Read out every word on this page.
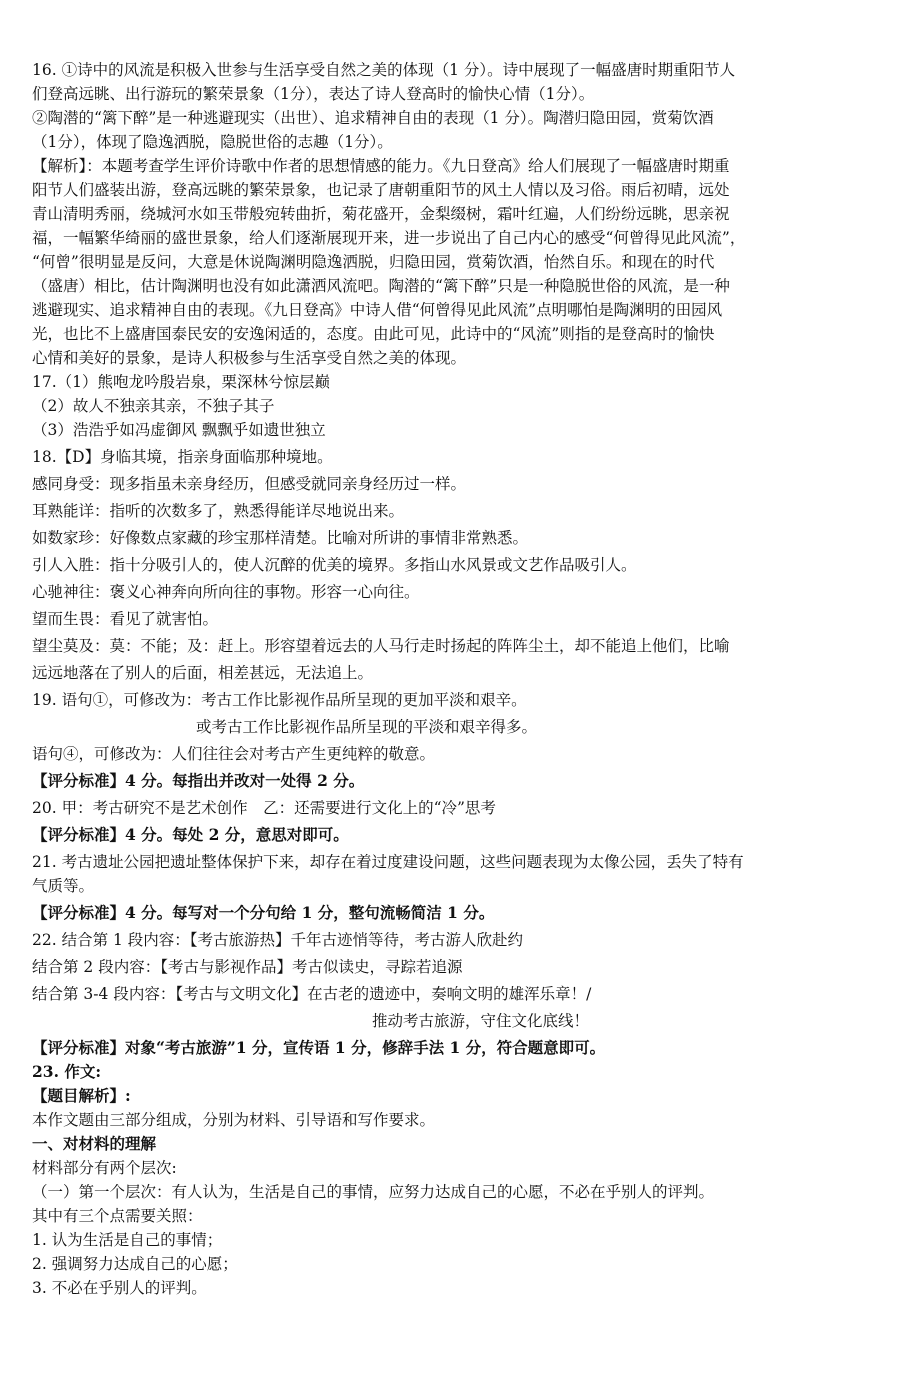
16. ①诗中的风流是积极入世参与生活享受自然之美的体现（1 分）。诗中展现了一幅盛唐时期重阳节人
们登高远眺、出行游玩的繁荣景象（1分），表达了诗人登高时的愉快心情（1分）。
②陶潜的“篱下醉”是一种逃避现实（出世）、追求精神自由的表现（1 分）。陶潜归隐田园，赏菊饮酒
（1分），体现了隐逸洒脱，隐脱世俗的志趣（1分）。
【解析】：本题考查学生评价诗歌中作者的思想情感的能力。《九日登高》给人们展现了一幅盛唐时期重
阳节人们盛装出游，登高远眺的繁荣景象，也记录了唐朝重阳节的风土人情以及习俗。雨后初晴，远处
青山清明秀丽，绕城河水如玉带般宛转曲折，菊花盛开，金梨缀树，霜叶红遍，人们纷纷远眺，思亲祝
福，一幅繁华绮丽的盛世景象，给人们逐渐展现开来，进一步说出了自己内心的感受“何曾得见此风流”，
“何曾”很明显是反问，大意是休说陶渊明隐逸洒脱，归隐田园，赏菊饮酒，怡然自乐。和现在的时代
（盛唐）相比，估计陶渊明也没有如此潇洒风流吧。陶潜的“篱下醉”只是一种隐脱世俗的风流，是一种
逃避现实、追求精神自由的表现。《九日登高》中诗人借“何曾得见此风流”点明哪怕是陶渊明的田园风
光，也比不上盛唐国泰民安的安逸闲适的，态度。由此可见，此诗中的“风流”则指的是登高时的愉快
心情和美好的景象，是诗人积极参与生活享受自然之美的体现。
17.（1）熊咆龙吟殷岩泉，栗深林兮惊层巅
（2）故人不独亲其亲，不独子其子
（3）浩浩乎如冯虚御风 飘飘乎如遗世独立
18.【D】身临其境，指亲身面临那种境地。
感同身受：现多指虽未亲身经历，但感受就同亲身经历过一样。
耳熟能详：指听的次数多了，熟悉得能详尽地说出来。
如数家珍：好像数点家藏的珍宝那样清楚。比喻对所讲的事情非常熟悉。
引人入胜：指十分吸引人的，使人沉醉的优美的境界。多指山水风景或文艺作品吸引人。
心驰神往：褒义心神奔向所向往的事物。形容一心向往。
望而生畏：看见了就害怕。
望尘莫及：莫：不能；及：赶上。形容望着远去的人马行走时扬起的阵阵尘土，却不能追上他们，比喻
远远地落在了别人的后面，相差甚远，无法追上。
19. 语句①，可修改为：考古工作比影视作品所呈现的更加平淡和艰辛。
或考古工作比影视作品所呈现的平淡和艰辛得多。
语句④，可修改为：人们往往会对考古产生更纯粹的敬意。
【评分标准】4 分。每指出并改对一处得 2 分。
20. 甲：考古研究不是艺术创作　乙：还需要进行文化上的“冷”思考
【评分标准】4 分。每处 2 分，意思对即可。
21. 考古遗址公园把遗址整体保护下来，却存在着过度建设问题，这些问题表现为太像公园，丢失了特有
气质等。
【评分标准】4 分。每写对一个分句给 1 分，整句流畅简洁 1 分。
22. 结合第 1 段内容：【考古旅游热】千年古迹悄等待，考古游人欣赴约
结合第 2 段内容：【考古与影视作品】考古似读史，寻踪若追源
结合第 3-4 段内容：【考古与文明文化】在古老的遗迹中，奏响文明的雄浑乐章！/
推动考古旅游，守住文化底线！
【评分标准】对象“考古旅游”1 分，宣传语 1 分，修辞手法 1 分，符合题意即可。
23. 作文:
【题目解析】:
本作文题由三部分组成，分别为材料、引导语和写作要求。
一、对材料的理解
材料部分有两个层次:
（一）第一个层次：有人认为，生活是自己的事情，应努力达成自己的心愿，不必在乎别人的评判。
其中有三个点需要关照：
1. 认为生活是自己的事情；
2. 强调努力达成自己的心愿；
3. 不必在乎别人的评判。
